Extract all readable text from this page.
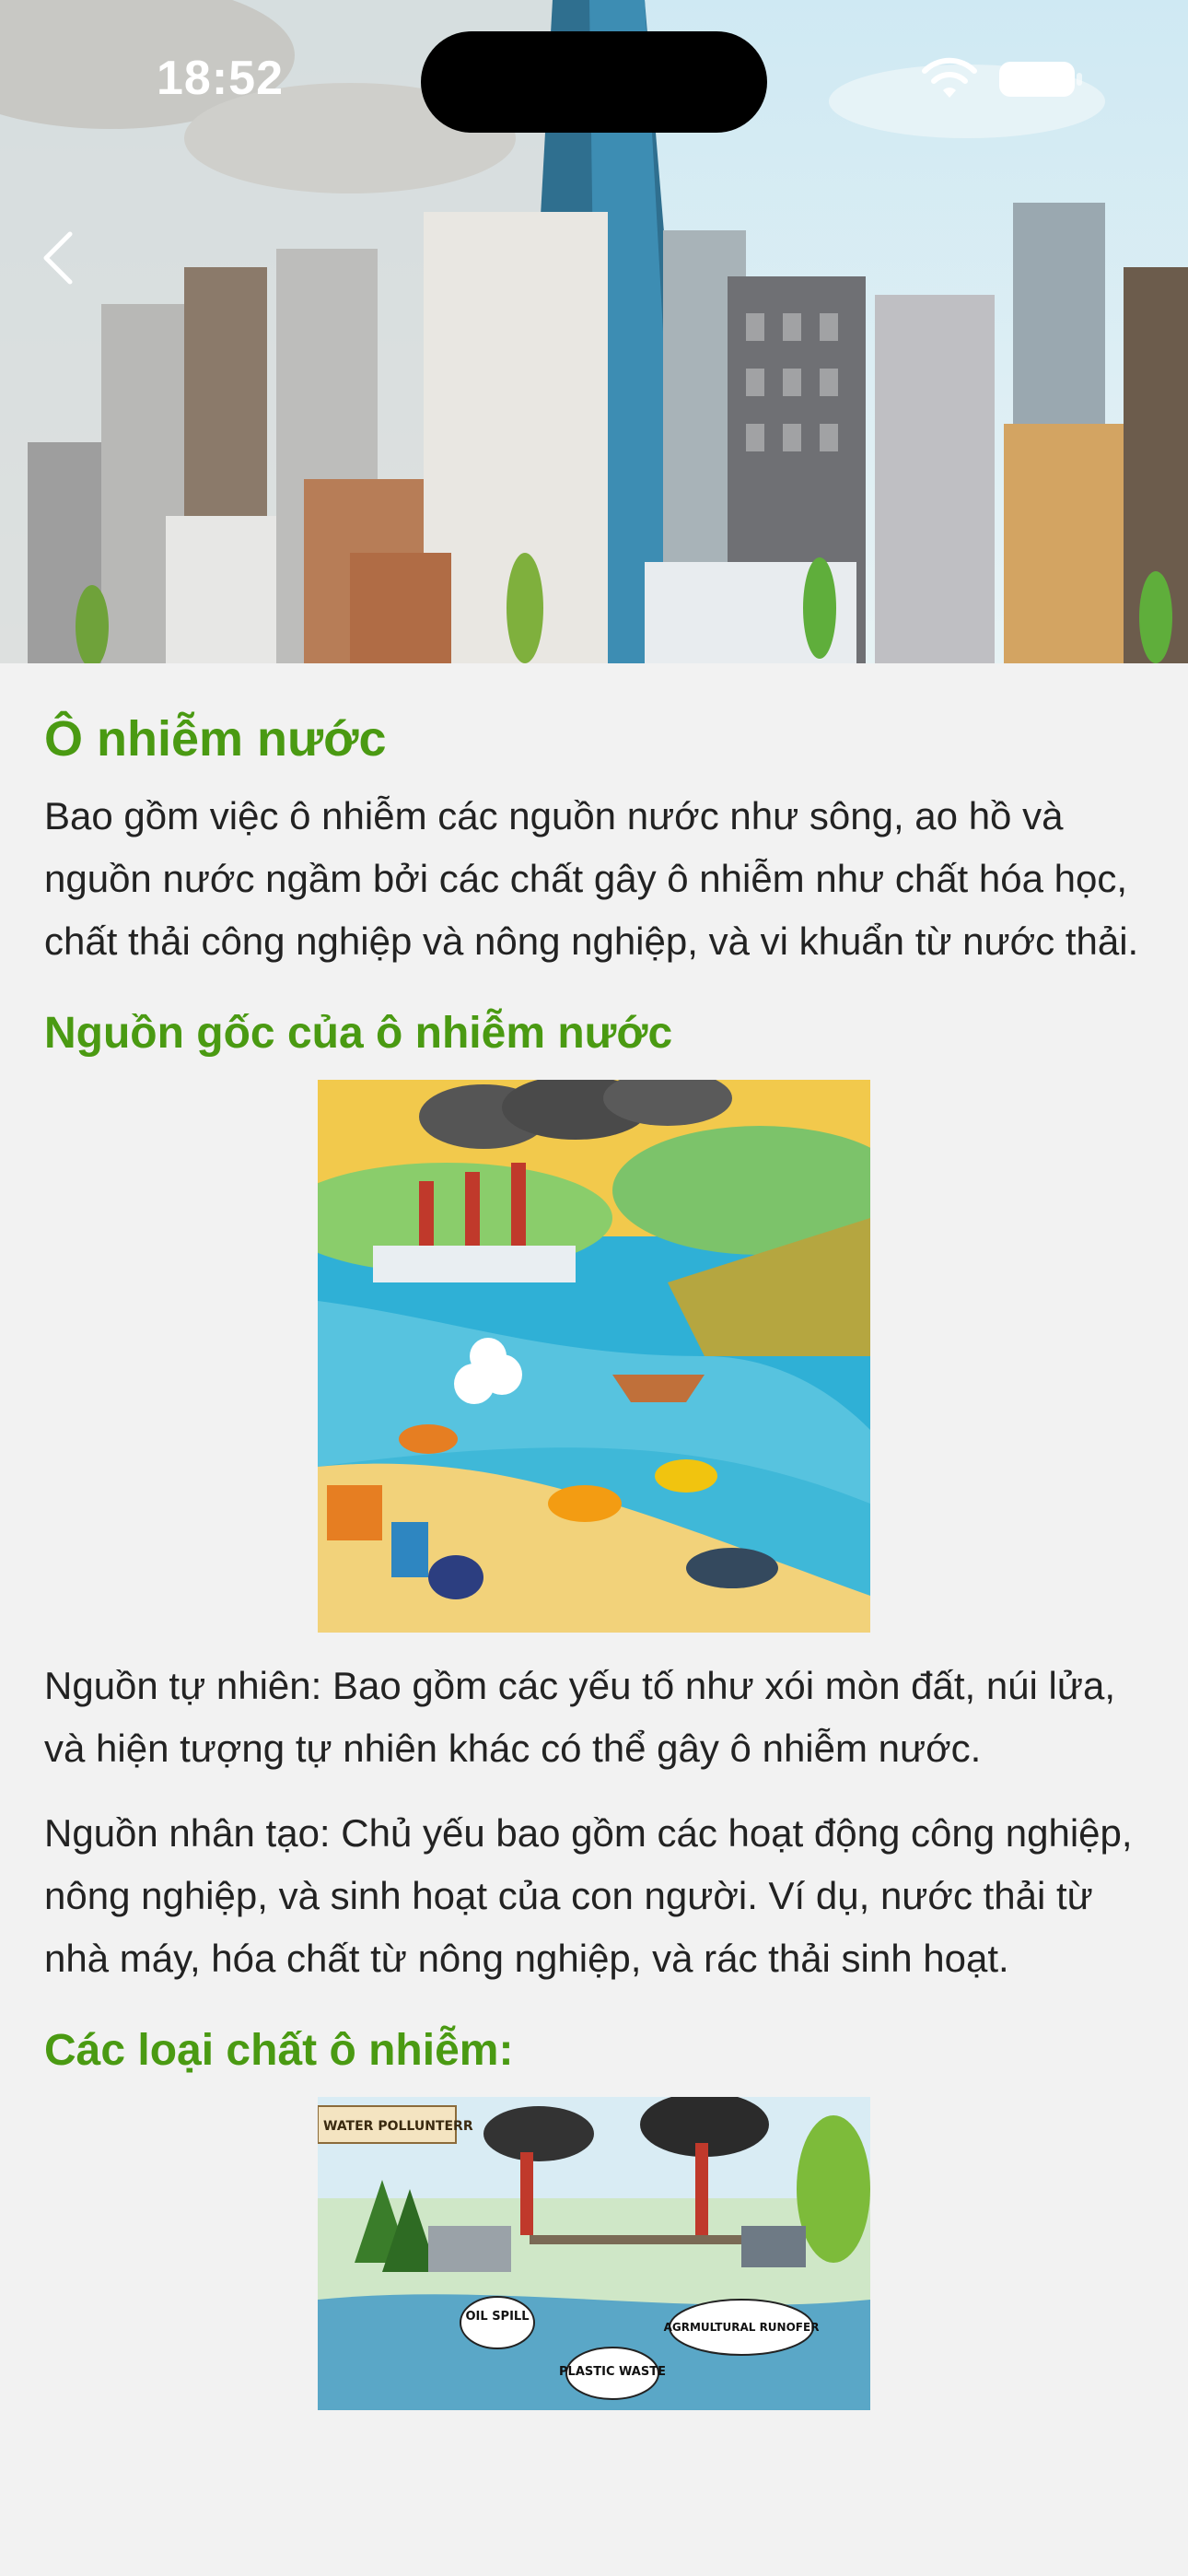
18:52
Ô nhiễm nước

Bao gồm việc ô nhiễm các nguồn nước như sông, ao hồ và nguồn nước ngầm bởi các chất gây ô nhiễm như chất hóa học, chất thải công nghiệp và nông nghiệp, và vi khuẩn từ nước thải.

Nguồn gốc của ô nhiễm nước

Nguồn tự nhiên: Bao gồm các yếu tố như xói mòn đất, núi lửa, và hiện tượng tự nhiên khác có thể gây ô nhiễm nước.

Nguồn nhân tạo: Chủ yếu bao gồm các hoạt động công nghiệp, nông nghiệp, và sinh hoạt của con người. Ví dụ, nước thải từ nhà máy, hóa chất từ nông nghiệp, và rác thải sinh hoạt.

Các loại chất ô nhiễm:
WATER POLLUNTERR
OIL SPILL
PLASTIC WASTE
AGRMULTURAL RUNOFER
